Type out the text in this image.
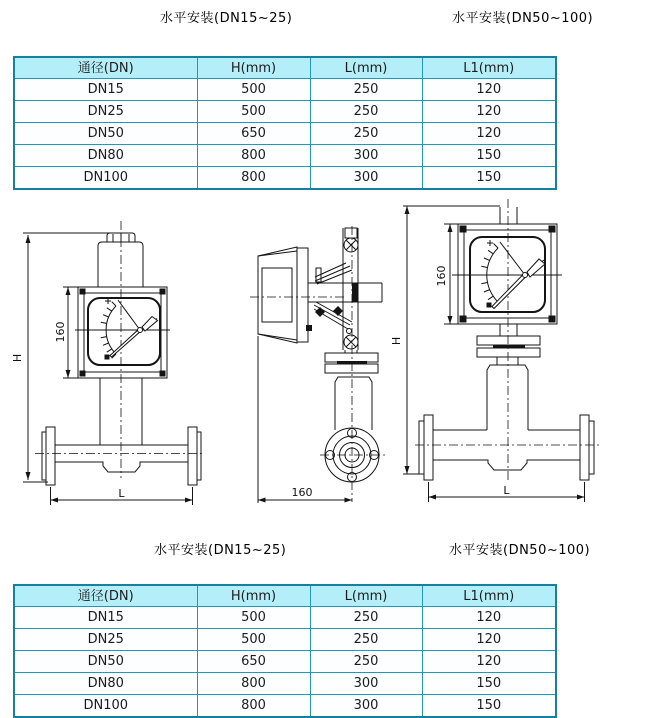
水平安装(DN15~25)	水平安装(DN50~100)
水平安装(DN15~25)	水平安装(DN50~100)
通径(DN)	H(mm)	L(mm)	L1(mm)
DN15	500	250	120
DN25	500	250	120
DN50	650	250	120
DN80	800	300	150
DN100	800	300	150
H
160
L	160
H
160
L
通径(DN)	H(mm)	L(mm)	L1(mm)
DN15	500	250	120
DN25	500	250	120
DN50	650	250	120
DN80	800	300	150
DN100	800	300	150
